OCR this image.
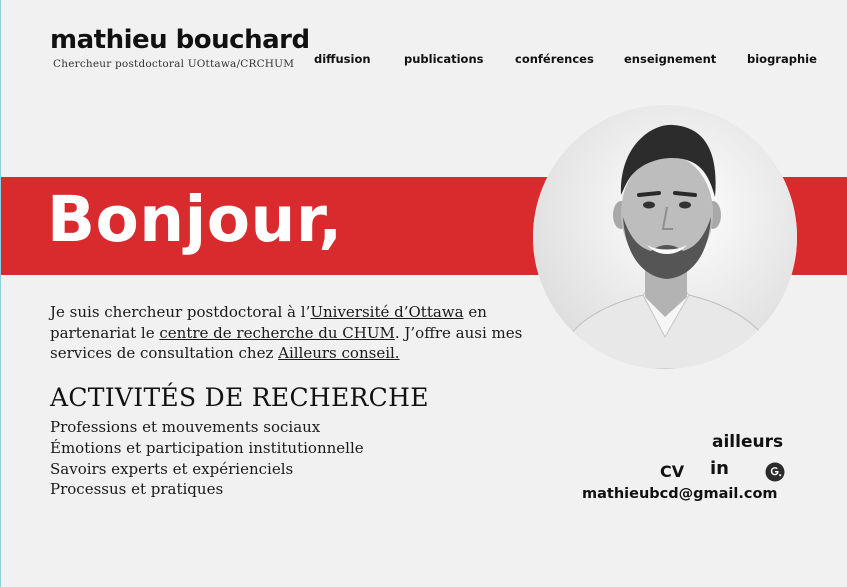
mathieu bouchard
Chercheur postdoctoral UOttawa/CRCHUM diffusion	publications	conférences	enseignement	biographie
Bonjour,

Je suis chercheur postdoctoral à l’Université d’Ottawa en partenariat le centre de recherche du CHUM. J’offre ausi mes services de consultation chez Ailleurs conseil.

ACTIVITÉS DE RECHERCHE
Professions et mouvements sociaux
Émotions et participation institutionnelle
Savoirs experts et expérienciels
Processus et pratiques
ailleurs
CV in
mathieubcd@gmail.com
